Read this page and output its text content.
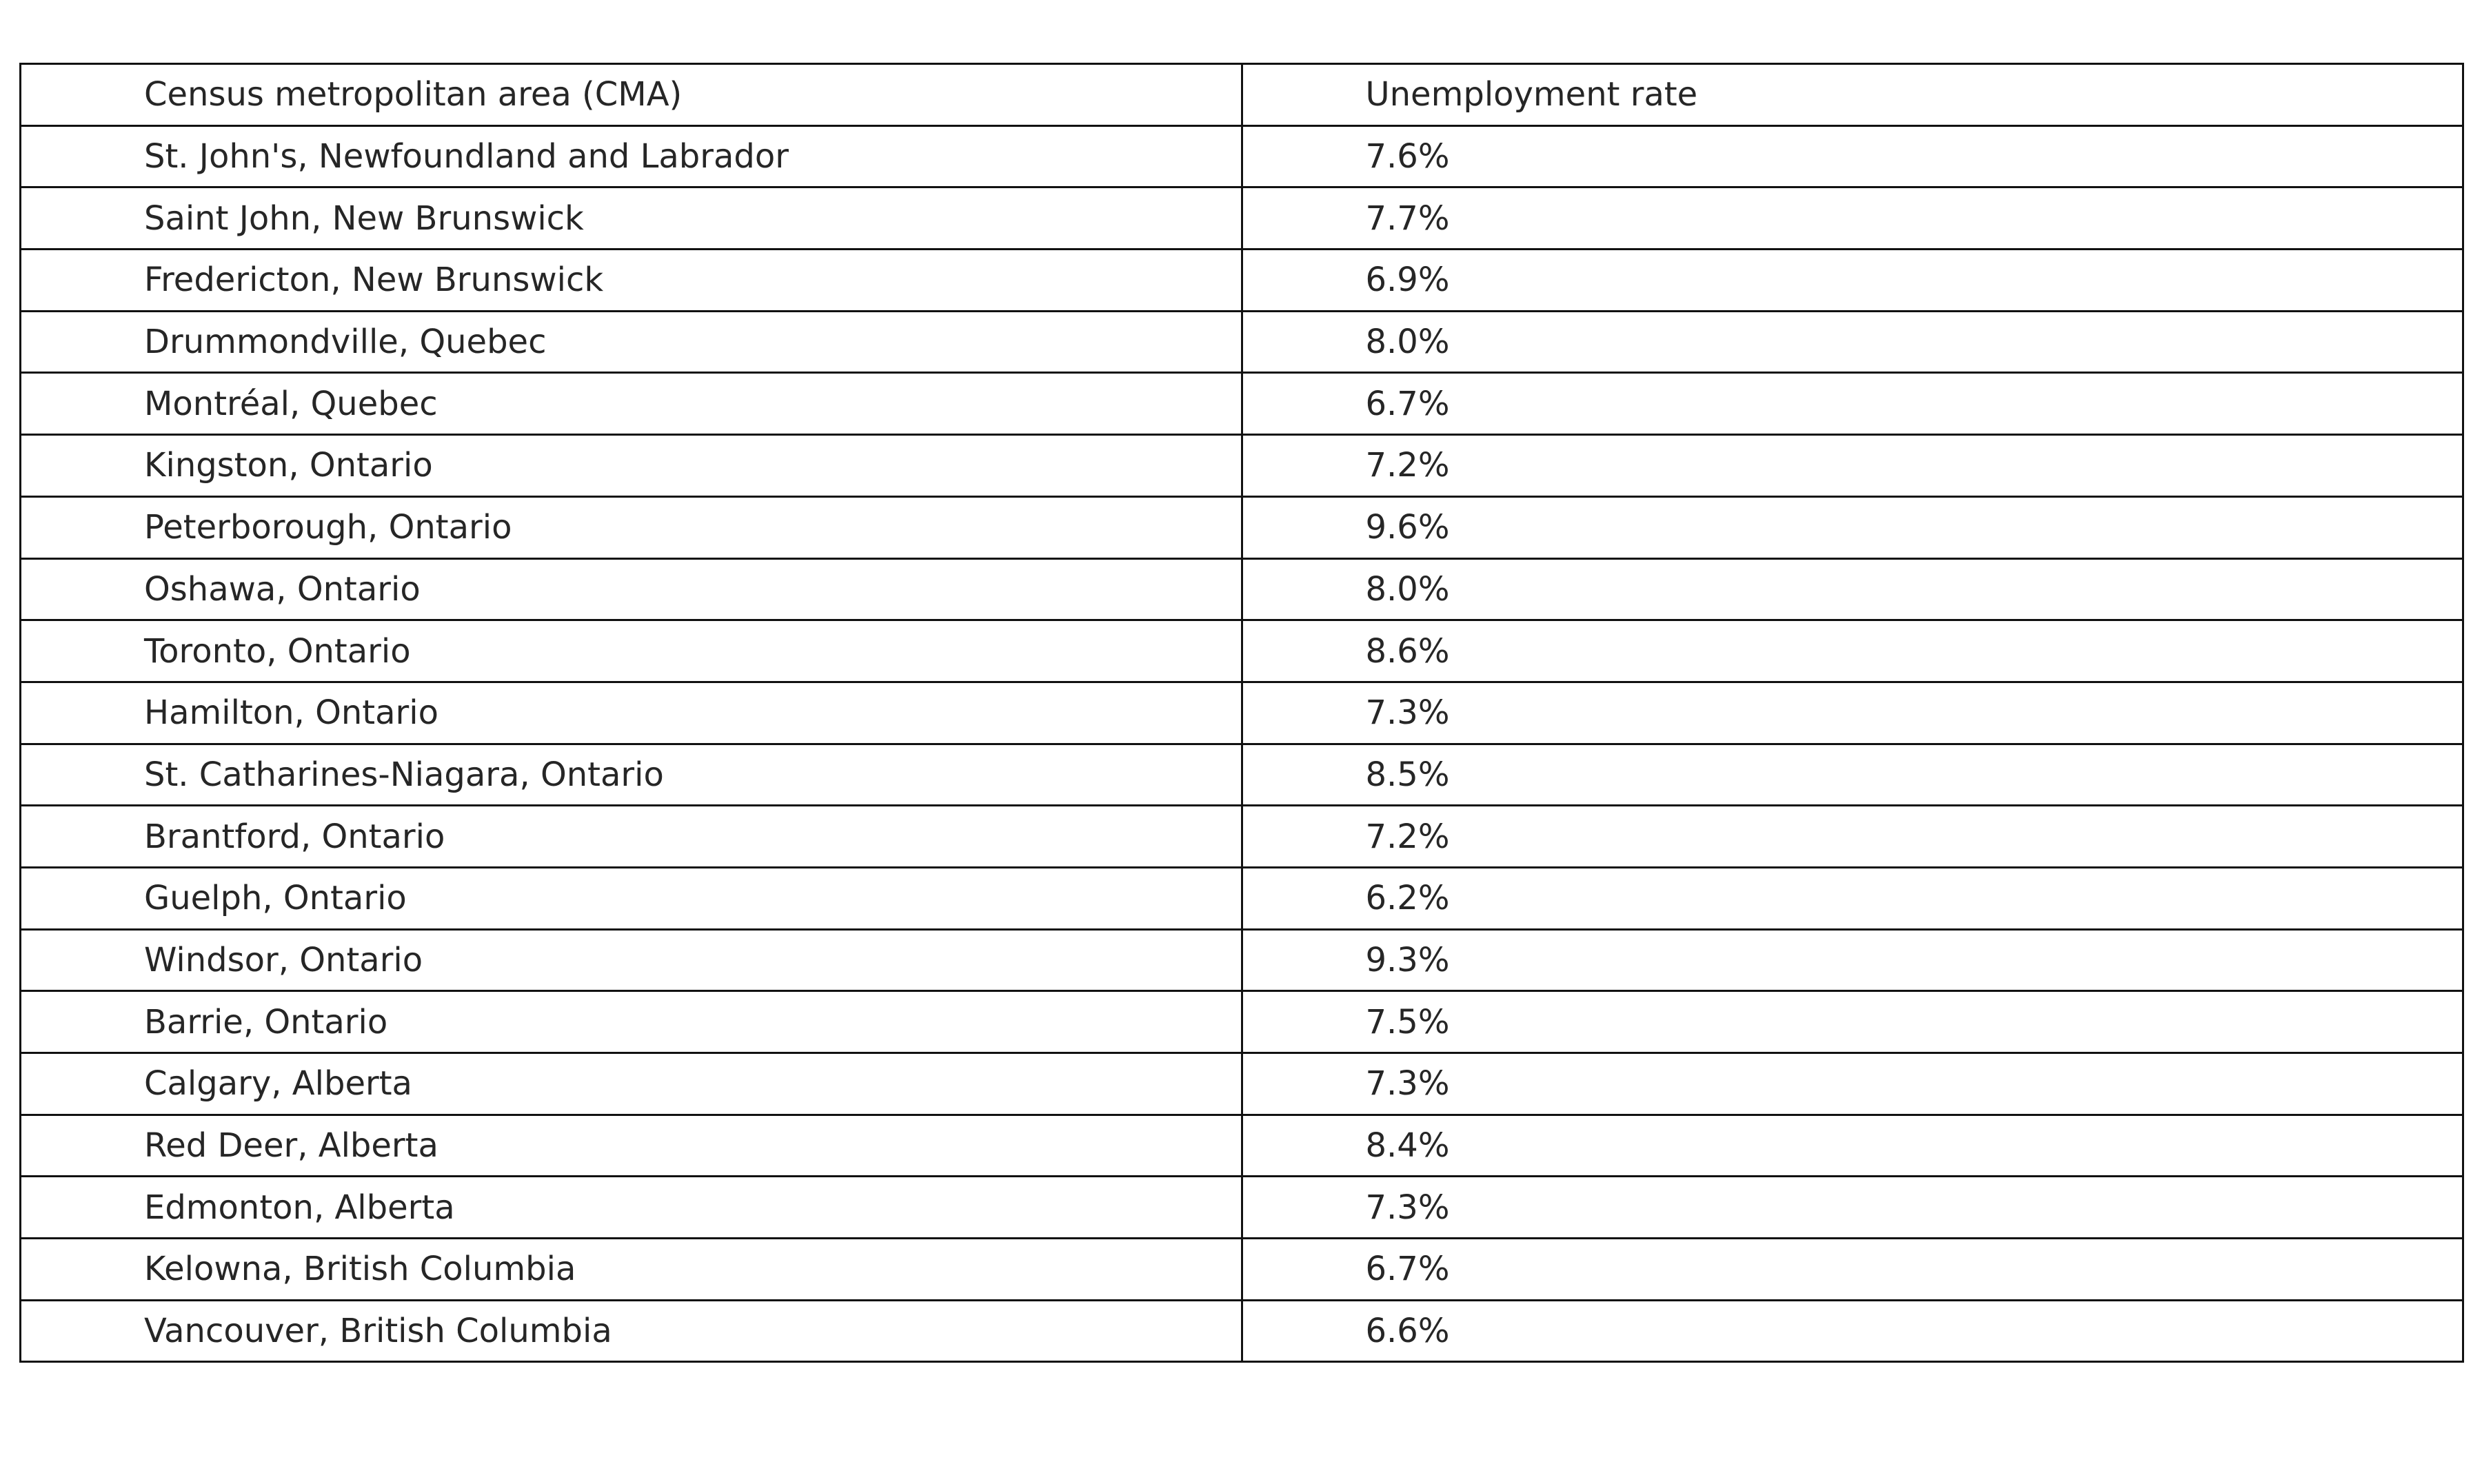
Census metropolitan area (CMA)	Unemployment rate
St. John's, Newfoundland and Labrador	7.6%
Saint John, New Brunswick	7.7%
Fredericton, New Brunswick	6.9%
Drummondville, Quebec	8.0%
Montréal, Quebec	6.7%
Kingston, Ontario	7.2%
Peterborough, Ontario	9.6%
Oshawa, Ontario	8.0%
Toronto, Ontario	8.6%
Hamilton, Ontario	7.3%
St. Catharines-Niagara, Ontario	8.5%
Brantford, Ontario	7.2%
Guelph, Ontario	6.2%
Windsor, Ontario	9.3%
Barrie, Ontario	7.5%
Calgary, Alberta	7.3%
Red Deer, Alberta	8.4%
Edmonton, Alberta	7.3%
Kelowna, British Columbia	6.7%
Vancouver, British Columbia	6.6%
